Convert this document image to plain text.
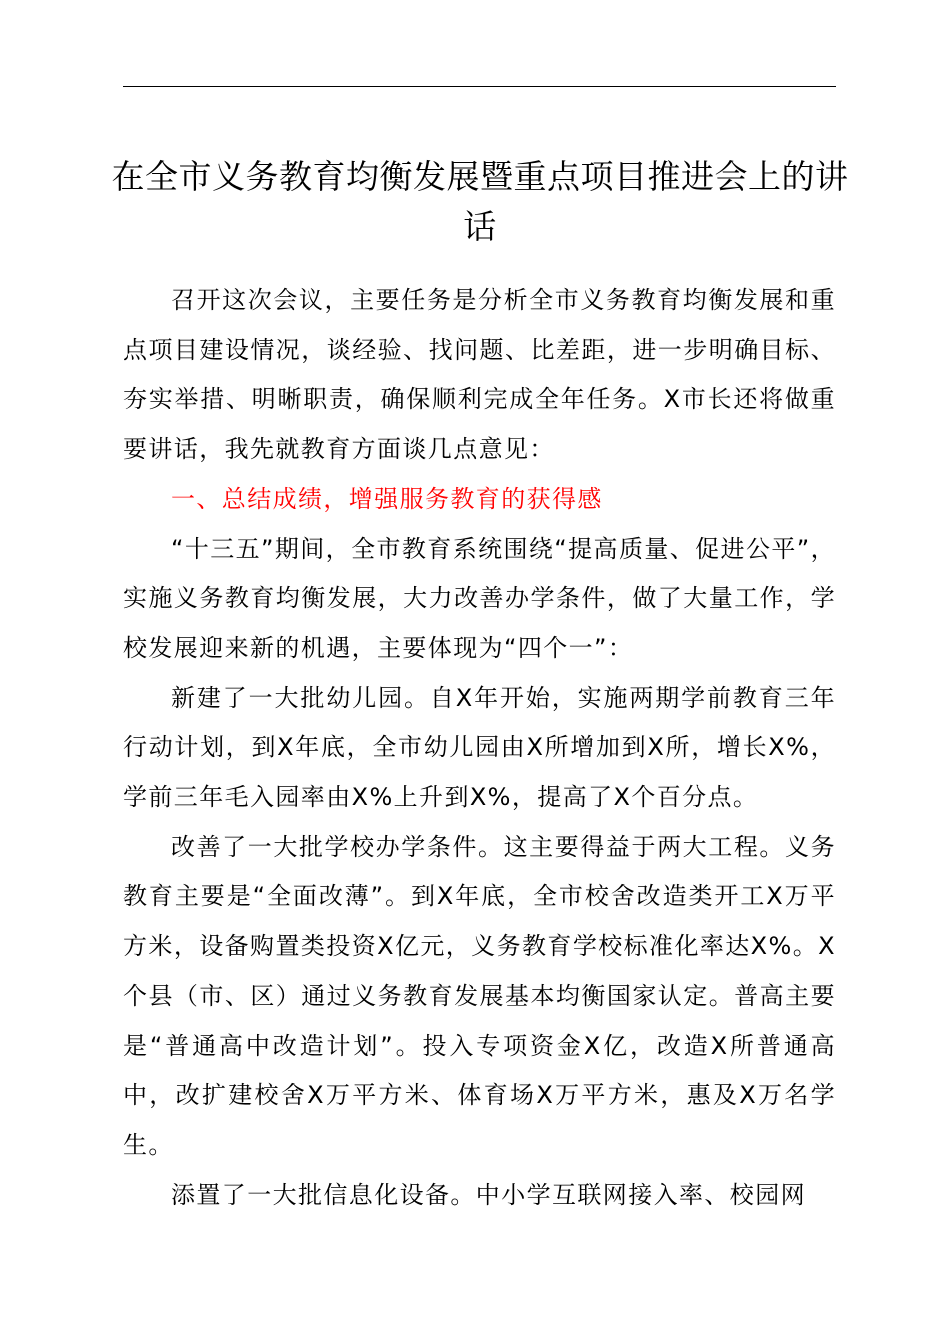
在全市义务教育均衡发展暨重点项目推进会上的讲话

召开这次会议，主要任务是分析全市义务教育均衡发展和重点项目建设情况，谈经验、找问题、比差距，进一步明确目标、夯实举措、明晰职责，确保顺利完成全年任务。X市长还将做重要讲话，我先就教育方面谈几点意见：

一、总结成绩，增强服务教育的获得感

“十三五”期间，全市教育系统围绕“提高质量、促进公平”，实施义务教育均衡发展，大力改善办学条件，做了大量工作，学校发展迎来新的机遇，主要体现为“四个一”：

新建了一大批幼儿园。自X年开始，实施两期学前教育三年行动计划，到X年底，全市幼儿园由X所增加到X所，增长X%，学前三年毛入园率由X%上升到X%，提高了X个百分点。

改善了一大批学校办学条件。这主要得益于两大工程。义务教育主要是“全面改薄”。到X年底，全市校舍改造类开工X万平方米，设备购置类投资X亿元，义务教育学校标准化率达X%。X个县（市、区）通过义务教育发展基本均衡国家认定。普高主要是“普通高中改造计划”。投入专项资金X亿，改造X所普通高中，改扩建校舍X万平方米、体育场X万平方米，惠及X万名学生。

添置了一大批信息化设备。中小学互联网接入率、校园网
